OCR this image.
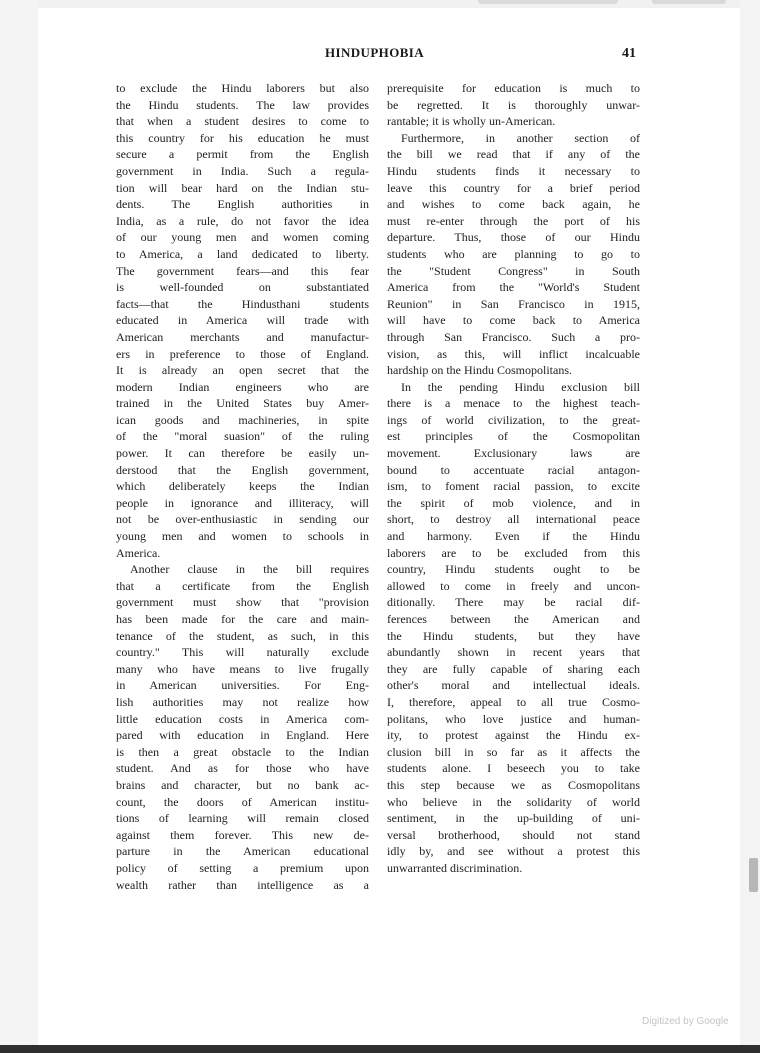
HINDUPHOBIA	41
to exclude the Hindu laborers but also
the Hindu students. The law provides
that when a student desires to come to
this country for his education he must
secure a permit from the English
government in India. Such a regula-
tion will bear hard on the Indian stu-
dents. The English authorities in
India, as a rule, do not favor the idea
of our young men and women coming
to America, a land dedicated to liberty.
The government fears—and this fear
is well-founded on substantiated
facts—that the Hindusthani students
educated in America will trade with
American merchants and manufactur-
ers in preference to those of England.
It is already an open secret that the
modern Indian engineers who are
trained in the United States buy Amer-
ican goods and machineries, in spite
of the "moral suasion" of the ruling
power. It can therefore be easily un-
derstood that the English government,
which deliberately keeps the Indian
people in ignorance and illiteracy, will
not be over-enthusiastic in sending our
young men and women to schools in
America.
Another clause in the bill requires
that a certificate from the English
government must show that "provision
has been made for the care and main-
tenance of the student, as such, in this
country." This will naturally exclude
many who have means to live frugally
in American universities. For Eng-
lish authorities may not realize how
little education costs in America com-
pared with education in England. Here
is then a great obstacle to the Indian
student. And as for those who have
brains and character, but no bank ac-
count, the doors of American institu-
tions of learning will remain closed
against them forever. This new de-
parture in the American educational
policy of setting a premium upon
wealth rather than intelligence as a
prerequisite for education is much to
be regretted. It is thoroughly unwar-
rantable; it is wholly un-American.
Furthermore, in another section of
the bill we read that if any of the
Hindu students finds it necessary to
leave this country for a brief period
and wishes to come back again, he
must re-enter through the port of his
departure. Thus, those of our Hindu
students who are planning to go to
the "Student Congress" in South
America from the "World's Student
Reunion" in San Francisco in 1915,
will have to come back to America
through San Francisco. Such a pro-
vision, as this, will inflict incalcuable
hardship on the Hindu Cosmopolitans.
In the pending Hindu exclusion bill
there is a menace to the highest teach-
ings of world civilization, to the great-
est principles of the Cosmopolitan
movement. Exclusionary laws are
bound to accentuate racial antagon-
ism, to foment racial passion, to excite
the spirit of mob violence, and in
short, to destroy all international peace
and harmony. Even if the Hindu
laborers are to be excluded from this
country, Hindu students ought to be
allowed to come in freely and uncon-
ditionally. There may be racial dif-
ferences between the American and
the Hindu students, but they have
abundantly shown in recent years that
they are fully capable of sharing each
other's moral and intellectual ideals.
I, therefore, appeal to all true Cosmo-
politans, who love justice and human-
ity, to protest against the Hindu ex-
clusion bill in so far as it affects the
students alone. I beseech you to take
this step because we as Cosmopolitans
who believe in the solidarity of world
sentiment, in the up-building of uni-
versal brotherhood, should not stand
idly by, and see without a protest this
unwarranted discrimination.
Digitized by Google
